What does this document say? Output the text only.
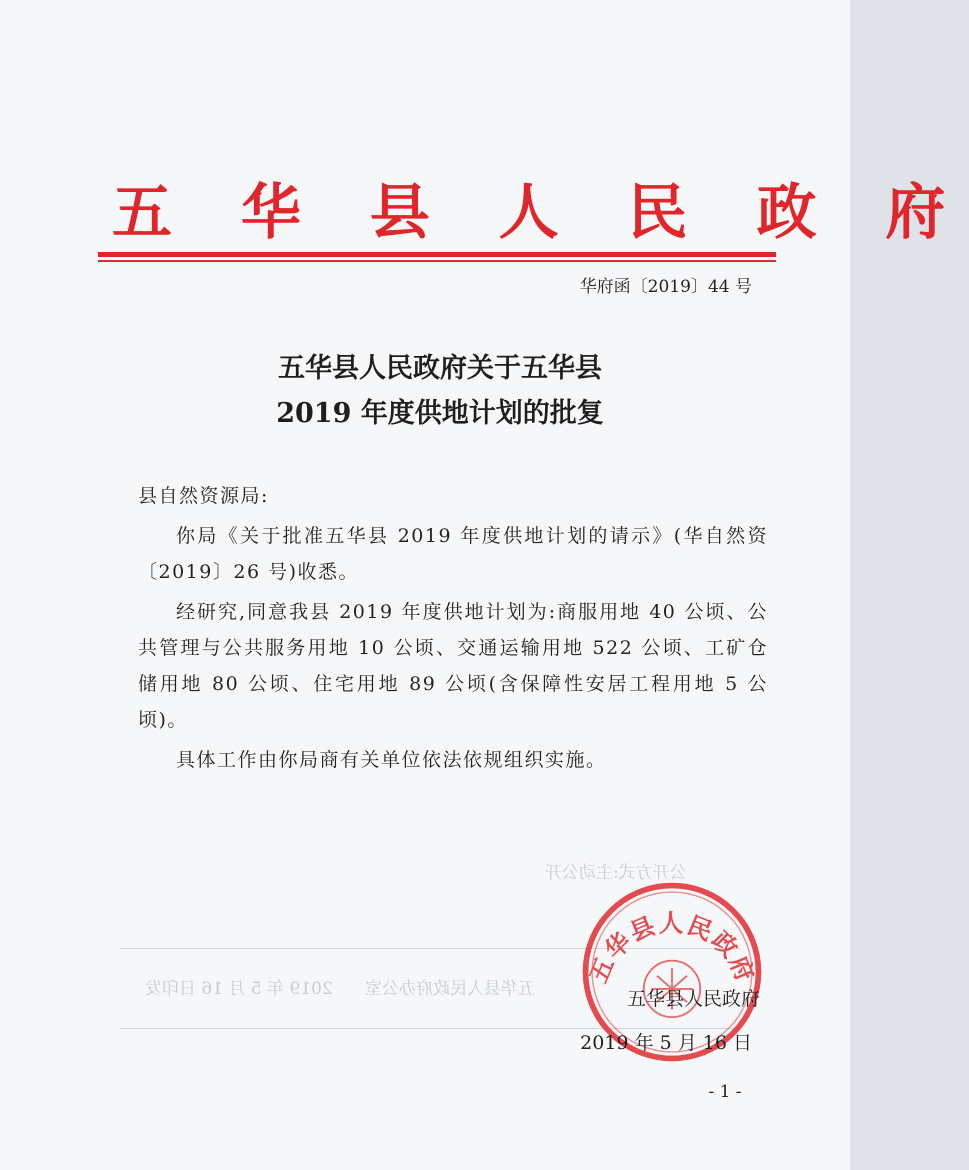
五 华 县 人 民 政 府
华府函〔2019〕44 号
五华县人民政府关于五华县
2019 年度供地计划的批复
县自然资源局:
你局《关于批准五华县 2019 年度供地计划的请示》(华自然资〔2019〕26 号)收悉。
经研究,同意我县 2019 年度供地计划为:商服用地 40 公顷、公共管理与公共服务用地 10 公顷、交通运输用地 522 公顷、工矿仓储用地 80 公顷、住宅用地 89 公顷(含保障性安居工程用地 5 公顷)。
具体工作由你局商有关单位依法依规组织实施。
公开方式:主动公开
五华县人民政府办公室
2019 年 5 月 16 日印发
五华县人民政府
五华县人民政府
2019 年 5 月 16 日
- 1 -
